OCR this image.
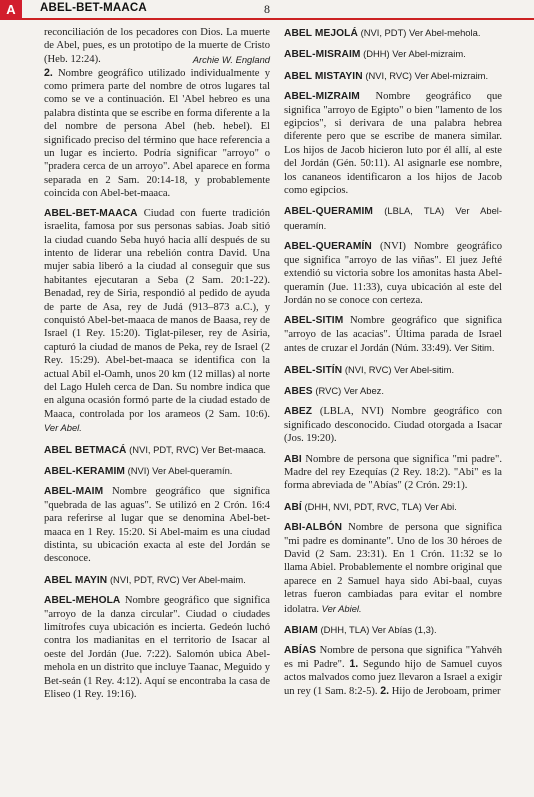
A	ABEL-BET-MAACA	8

reconciliación de los pecadores con Dios. La muerte de Abel, pues, es un prototipo de la muerte de Cristo (Heb. 12:24).	Archie W. England
2. Nombre geográfico utilizado individualmente y como primera parte del nombre de otros lugares tal como se ve a continuación. El 'Abel hebreo es una palabra distinta que se escribe en forma diferente a la del nombre de persona Abel (heb. hebel). El significado preciso del término que hace referencia a un lugar es incierto. Podría significar "arroyo" o "pradera cerca de un arroyo". Abel aparece en forma separada en 2 Sam. 20:14-18, y probablemente coincida con Abel-bet-maaca.

ABEL-BET-MAACA Ciudad con fuerte tradición israelita, famosa por sus personas sabias. Joab sitió la ciudad cuando Seba huyó hacia allí después de su intento de liderar una rebelión contra David. Una mujer sabia liberó a la ciudad al conseguir que sus habitantes ejecutaran a Seba (2 Sam. 20:1-22). Benadad, rey de Siria, respondió al pedido de ayuda de parte de Asa, rey de Judá (913–873 a.C.), y conquistó Abel-bet-maaca de manos de Baasa, rey de Israel (1 Rey. 15:20). Tiglat-pileser, rey de Asiria, capturó la ciudad de manos de Peka, rey de Israel (2 Rey. 15:29). Abel-bet-maaca se identifica con la actual Abil el-Oamh, unos 20 km (12 millas) al norte del Lago Huleh cerca de Dan. Su nombre indica que en alguna ocasión formó parte de la ciudad estado de Maaca, controlada por los arameos (2 Sam. 10:6). Ver Abel.

ABEL BETMACÁ (NVI, PDT, RVC) Ver Bet-maaca.

ABEL-KERAMIM (NVI) Ver Abel-queramín.

ABEL-MAIM Nombre geográfico que significa "quebrada de las aguas". Se utilizó en 2 Crón. 16:4 para referirse al lugar que se denomina Abel-bet-maaca en 1 Rey. 15:20. Si Abel-maim es una ciudad distinta, su ubicación exacta al este del Jordán se desconoce.

ABEL MAYIN (NVI, PDT, RVC) Ver Abel-maim.

ABEL-MEHOLA Nombre geográfico que significa "arroyo de la danza circular". Ciudad o ciudades limítrofes cuya ubicación es incierta. Gedeón luchó contra los madianitas en el territorio de Isacar al oeste del Jordán (Jue. 7:22). Salomón ubica Abel-mehola en un distrito que incluye Taanac, Meguido y Bet-seán (1 Rey. 4:12). Aquí se encontraba la casa de Eliseo (1 Rey. 19:16).

ABEL MEJOLÁ (NVI, PDT) Ver Abel-mehola.

ABEL-MISRAIM (DHH) Ver Abel-mizraim.

ABEL MISTAYIN (NVI, RVC) Ver Abel-mizraim.

ABEL-MIZRAIM Nombre geográfico que significa "arroyo de Egipto" o bien "lamento de los egipcios", si derivara de una palabra hebrea diferente pero que se escribe de manera similar. Los hijos de Jacob hicieron luto por él allí, al este del Jordán (Gén. 50:11). Al asignarle ese nombre, los cananeos identificaron a los hijos de Jacob como egipcios.

ABEL-QUERAMIM (LBLA, TLA) Ver Abel-queramín.

ABEL-QUERAMÍN (NVI) Nombre geográfico que significa "arroyo de las viñas". El juez Jefté extendió su victoria sobre los amonitas hasta Abel-queramín (Jue. 11:33), cuya ubicación al este del Jordán no se conoce con certeza.

ABEL-SITIM Nombre geográfico que significa "arroyo de las acacias". Última parada de Israel antes de cruzar el Jordán (Núm. 33:49). Ver Sitim.

ABEL-SITÍN (NVI, RVC) Ver Abel-sitim.

ABES (RVC) Ver Abez.

ABEZ (LBLA, NVI) Nombre geográfico con significado desconocido. Ciudad otorgada a Isacar (Jos. 19:20).

ABI Nombre de persona que significa "mi padre". Madre del rey Ezequías (2 Rey. 18:2). "Abi" es la forma abreviada de "Abías" (2 Crón. 29:1).

ABÍ (DHH, NVI, PDT, RVC, TLA) Ver Abi.

ABI-ALBÓN Nombre de persona que significa "mi padre es dominante". Uno de los 30 héroes de David (2 Sam. 23:31). En 1 Crón. 11:32 se lo llama Abiel. Probablemente el nombre original que aparece en 2 Samuel haya sido Abi-baal, cuyas letras fueron cambiadas para evitar el nombre idolatra. Ver Abiel.

ABIAM (DHH, TLA) Ver Abías (1,3).

ABÍAS Nombre de persona que significa "Yahvéh es mi Padre". 1. Segundo hijo de Samuel cuyos actos malvados como juez llevaron a Israel a exigir un rey (1 Sam. 8:2-5). 2. Hijo de Jeroboam, primer
